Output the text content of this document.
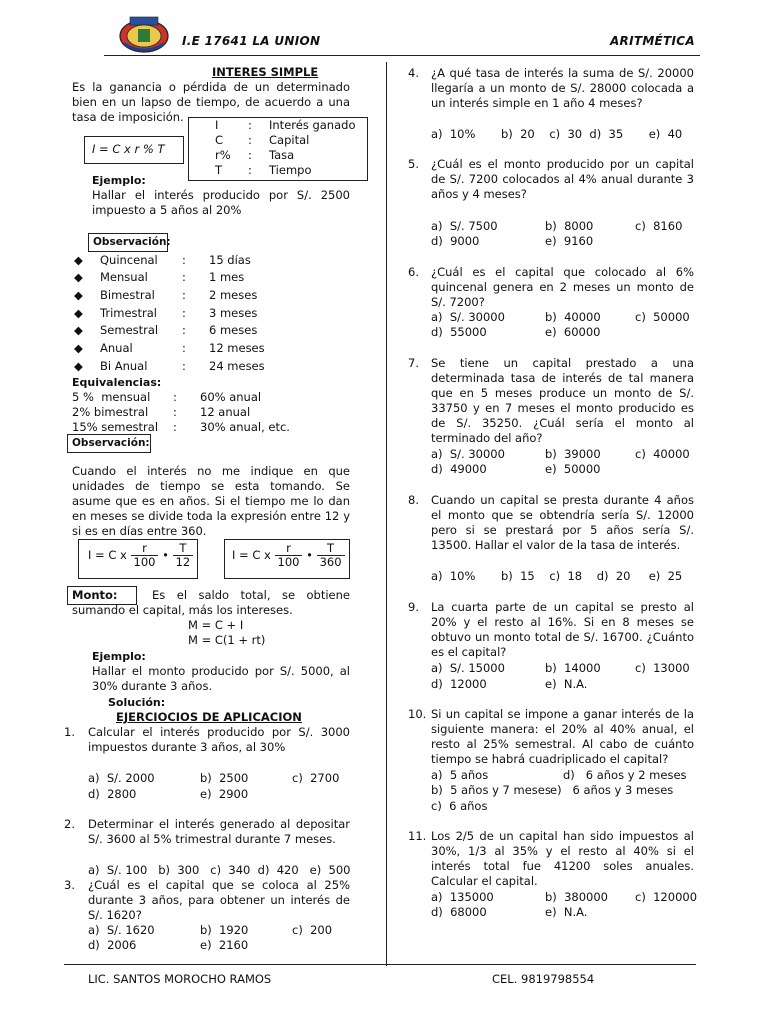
I.E 17641 LA UNION	ARITMÉTICA
INTERES SIMPLE
Es la ganancia o pérdida de un determinado bien en un lapso de tiempo, de acuerdo a una tasa de imposición.
I	: Interés ganado
C : Capital
r% : Tasa
T : Tiempo
I = C x r % T
Ejemplo:
Hallar el interés producido por S/. 2500 impuesto a 5 años al 20%
Observación:
◆ Quincenal : 15 días
◆ Mensual	: 1 mes
◆ Bimestral : 2 meses
◆ Trimestral : 3 meses
◆ Semestral : 6 meses
◆ Anual	: 12 meses
◆ Bi Anual	: 24 meses
Equivalencias:
5 %  mensual : 60% anual
2% bimestral : 12 anual
15% semestral : 30% anual, etc.
Observación:
Cuando el interés no me indique en que unidades de tiempo se esta tomando. Se asume que es en años. Si el tiempo me lo dan en meses se divide toda la expresión entre 12 y si es en días entre 360.
I = C x $\frac{r}{100}$ • $\frac{T}{12}$	I = C x $\frac{r}{100}$ • $\frac{T}{360}$
Monto:	Es el saldo total, se obtiene
sumando el capital, más los intereses.
M = C + I
M = C(1 + rt)
Ejemplo:
Hallar el monto producido por S/. 5000, al 30% durante 3 años.
Solución:
EJERCIOCIOS DE APLICACION
1. Calcular el interés producido por S/. 3000 impuestos durante 3 años, al 30%
a)  S/. 2000	b)  2500	c)  2700
d)  2800	e)  2900
2. Determinar el interés generado al depositar S/. 3600 al 5% trimestral durante 7 meses.
a)  S/. 100   b)  300   c)  340  d)  420   e)  500
3. ¿Cuál es el capital que se coloca al 25% durante 3 años, para obtener un interés de S/. 1620?
a)  S/. 1620	b)  1920	c)  200
d)  2006	e)  2160
4. ¿A qué tasa de interés la suma de S/. 20000 llegaría a un monto de S/. 28000 colocada a un interés simple en 1 año 4 meses?
a)  10%       b)  20    c)  30  d)  35       e)  40
5. ¿Cuál es el monto producido por un capital de S/. 7200 colocados al 4% anual durante 3 años y 4 meses?
a)  S/. 7500	b)  8000	c)  8160
d)  9000	e)  9160
6. ¿Cuál es el capital que colocado al 6% quincenal genera en 2 meses un monto de S/. 7200?
a)  S/. 30000	b)  40000	c)  50000
d)  55000	e)  60000
7. Se tiene un capital prestado a una determinada tasa de interés de tal manera que en 5 meses produce un monto de S/. 33750 y en 7 meses el monto producido es de S/. 35250. ¿Cuál sería el monto al terminado del año?
a)  S/. 30000	b)  39000	c)  40000
d)  49000	e)  50000
8. Cuando un capital se presta durante 4 años el monto que se obtendría sería S/. 12000 pero si se prestará por 5 años sería S/. 13500. Hallar el valor de la tasa de interés.
a)  10%       b)  15    c)  18    d)  20     e)  25
9. La cuarta parte de un capital se presto al 20% y el resto al 16%. Si en 8 meses se obtuvo un monto total de S/. 16700. ¿Cuánto es el capital?
a)  S/. 15000	b)  14000	c)  13000
d)  12000	e)  N.A.
10. Si un capital se impone a ganar interés de la siguiente manera: el 20% al 40% anual, el resto al 25% semestral. Al cabo de cuánto tiempo se habrá cuadriplicado el capital?
a)  5 años	d)   6 años y 2 meses
b)  5 años y 7 meses e)   6 años y 3 meses
c)  6 años
11. Los 2/5 de un capital han sido impuestos al 30%, 1/3 al 35% y el resto al 40% si el interés total fue 41200 soles anuales. Calcular el capital.
a)  135000	b)  380000 c)  120000
d)  68000	e)  N.A.
LIC. SANTOS MOROCHO RAMOS	CEL. 9819798554
